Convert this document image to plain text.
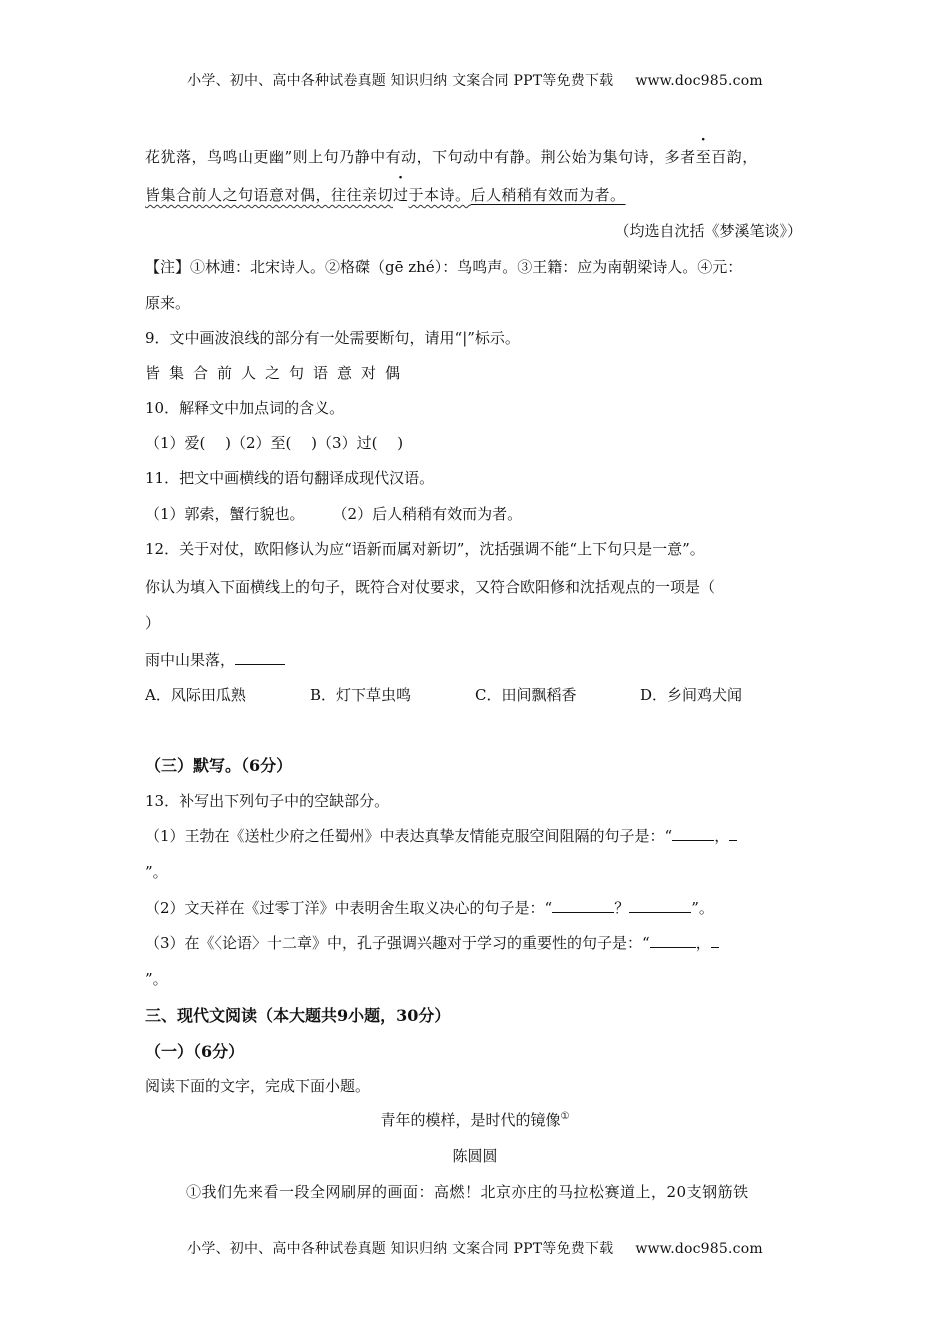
小学、初中、高中各种试卷真题 知识归纳 文案合同 PPT等免费下载 www.doc985.com
花犹落，鸟鸣山更幽”则上句乃静中有动，下句动中有静。荆公始为集句诗，多者至百韵，
皆集合前人之句语意对偶，往往亲切过于本诗。后人稍稍有效而为者。
（均选自沈括《梦溪笔谈》）
【注】①林逋：北宋诗人。②格磔（gē zhé）：鸟鸣声。③王籍：应为南朝梁诗人。④元：
原来。
9．文中画波浪线的部分有一处需要断句，请用“|”标示。
皆集合前人之句语意对偶
10．解释文中加点词的含义。
（1）爱(　 )（2）至(　 )（3）过(　 )
11．把文中画横线的语句翻译成现代汉语。
（1）郭索，蟹行貌也。 （2）后人稍稍有效而为者。
12．关于对仗，欧阳修认为应“语新而属对新切”，沈括强调不能“上下句只是一意”。
你认为填入下面横线上的句子，既符合对仗要求，又符合欧阳修和沈括观点的一项是（
）
雨中山果落，
A．风际田瓜熟	B．灯下草虫鸣	C．田间飘稻香	D．乡间鸡犬闻
（三）默写。（6分）
13．补写出下列句子中的空缺部分。
（1）王勃在《送杜少府之任蜀州》中表达真挚友情能克服空间阻隔的句子是：“	，
”。
（2）文天祥在《过零丁洋》中表明舍生取义决心的句子是：“	？	”。
（3）在《〈论语〉十二章》中，孔子强调兴趣对于学习的重要性的句子是：“	，
”。
三、现代文阅读（本大题共9小题，30分）
（一）（6分）
阅读下面的文字，完成下面小题。
青年的模样，是时代的镜像①
陈圆圆
①我们先来看一段全网刷屏的画面：高燃！北京亦庄的马拉松赛道上，20支钢筋铁
小学、初中、高中各种试卷真题 知识归纳 文案合同 PPT等免费下载 www.doc985.com
